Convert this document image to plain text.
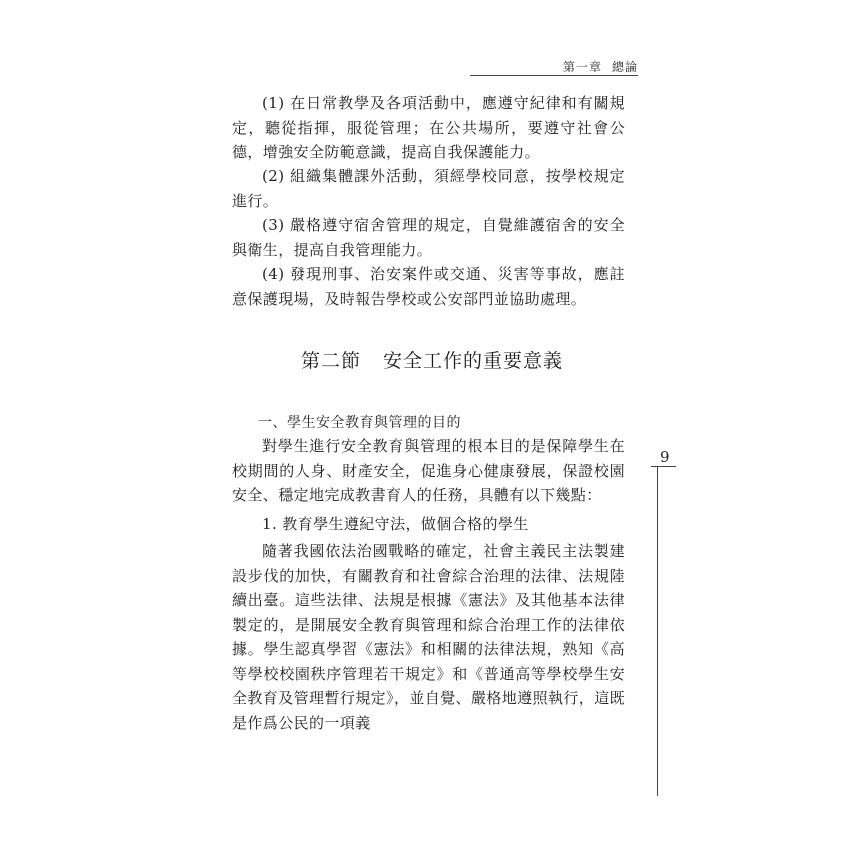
第一章 總論

(1) 在日常教學及各項活動中，應遵守紀律和有關規定，聽從指揮，服從管理；在公共場所，要遵守社會公德，增強安全防範意識，提高自我保護能力。

(2) 組織集體課外活動，須經學校同意，按學校規定進行。

(3) 嚴格遵守宿舍管理的規定，自覺維護宿舍的安全與衛生，提高自我管理能力。

(4) 發現刑事、治安案件或交通、災害等事故，應註意保護現場，及時報告學校或公安部門並協助處理。

第二節 安全工作的重要意義
一、學生安全教育與管理的目的

對學生進行安全教育與管理的根本目的是保障學生在校期間的人身、財產安全，促進身心健康發展，保證校園安全、穩定地完成教書育人的任務，具體有以下幾點：

1. 教育學生遵紀守法，做個合格的學生

隨著我國依法治國戰略的確定，社會主義民主法製建設步伐的加快，有關教育和社會綜合治理的法律、法規陸續出臺。這些法律、法規是根據《憲法》及其他基本法律製定的，是開展安全教育與管理和綜合治理工作的法律依據。學生認真學習《憲法》和相關的法律法規，熟知《高等學校校園秩序管理若干規定》和《普通高等學校學生安全教育及管理暫行規定》，並自覺、嚴格地遵照執行，這既是作爲公民的一項義

9
